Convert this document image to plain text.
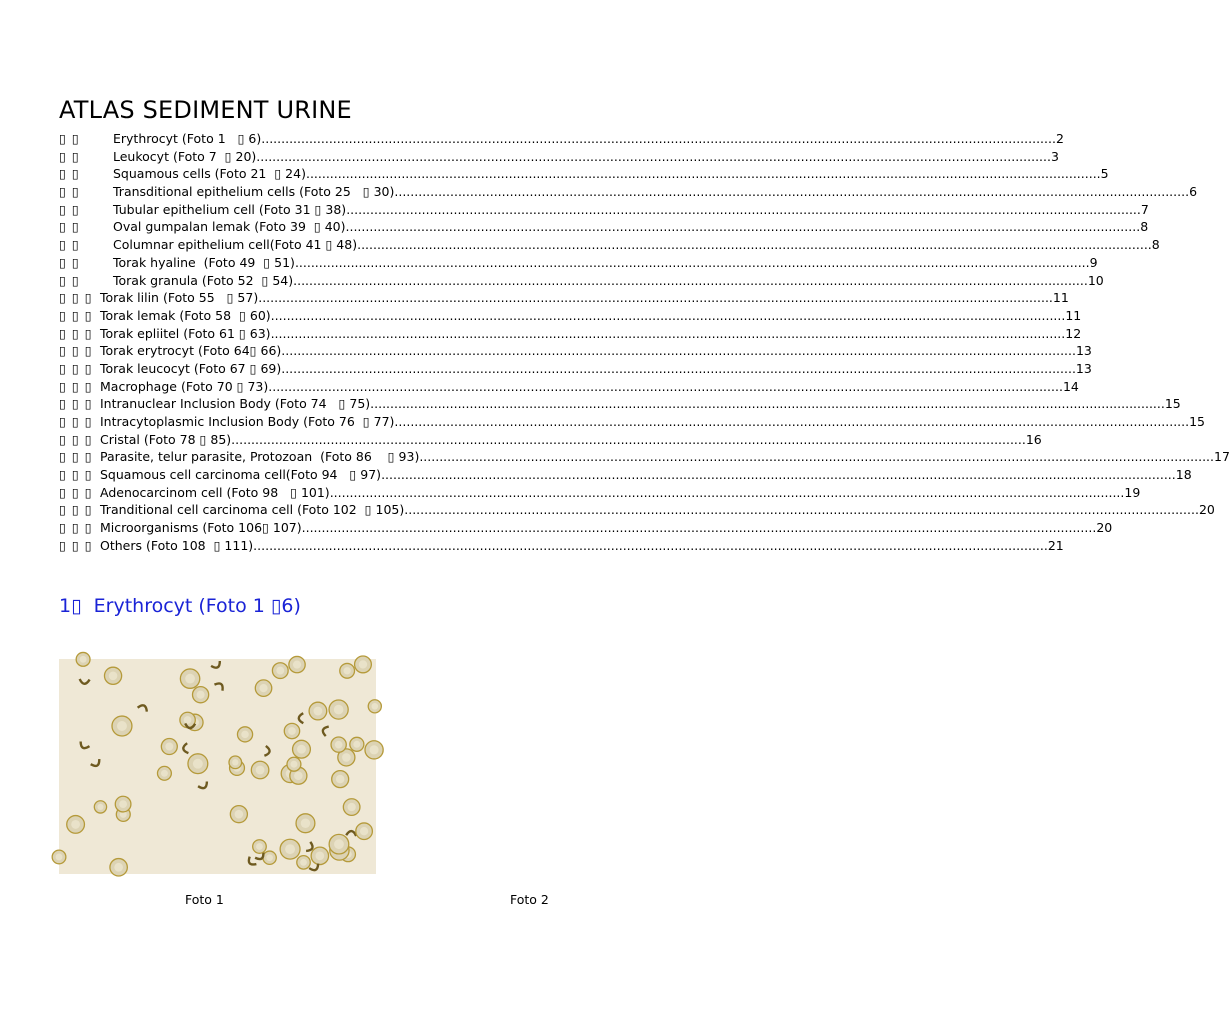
ATLAS SEDIMENT URINE
▯ ▯	Erythrocyt (Foto 1   ▯ 6) ........................................................................................................................................................................................................ 2
▯ ▯	Leukocyt (Foto 7  ▯ 20) ........................................................................................................................................................................................................ 3
▯ ▯	Squamous cells (Foto 21  ▯ 24) ........................................................................................................................................................................................................ 5
▯ ▯	Transditional epithelium cells (Foto 25   ▯ 30) ........................................................................................................................................................................................................ 6
▯ ▯	Tubular epithelium cell (Foto 31 ▯ 38) ........................................................................................................................................................................................................ 7
▯ ▯	Oval gumpalan lemak (Foto 39  ▯ 40) ........................................................................................................................................................................................................ 8
▯ ▯	Columnar epithelium cell(Foto 41 ▯ 48) ........................................................................................................................................................................................................ 8
▯ ▯	Torak hyaline  (Foto 49  ▯ 51) ........................................................................................................................................................................................................ 9
▯ ▯	Torak granula (Foto 52  ▯ 54) ........................................................................................................................................................................................................ 10
▯ ▯ ▯ Torak lilin (Foto 55   ▯ 57) ........................................................................................................................................................................................................ 11
▯ ▯ ▯ Torak lemak (Foto 58  ▯ 60) ........................................................................................................................................................................................................ 11
▯ ▯ ▯ Torak epliitel (Foto 61 ▯ 63) ........................................................................................................................................................................................................ 12
▯ ▯ ▯ Torak erytrocyt (Foto 64▯ 66) ........................................................................................................................................................................................................ 13
▯ ▯ ▯ Torak leucocyt (Foto 67 ▯ 69) ........................................................................................................................................................................................................ 13
▯ ▯ ▯ Macrophage (Foto 70 ▯ 73) ........................................................................................................................................................................................................ 14
▯ ▯ ▯ Intranuclear Inclusion Body (Foto 74   ▯ 75) ........................................................................................................................................................................................................ 15
▯ ▯ ▯ Intracytoplasmic Inclusion Body (Foto 76  ▯ 77) ........................................................................................................................................................................................................ 15
▯ ▯ ▯ Cristal (Foto 78 ▯ 85) ........................................................................................................................................................................................................ 16
▯ ▯ ▯ Parasite, telur parasite, Protozoan  (Foto 86    ▯ 93) ........................................................................................................................................................................................................ 17
▯ ▯ ▯ Squamous cell carcinoma cell(Foto 94   ▯ 97) ........................................................................................................................................................................................................ 18
▯ ▯ ▯ Adenocarcinom cell (Foto 98   ▯ 101) ........................................................................................................................................................................................................ 19
▯ ▯ ▯ Tranditional cell carcinoma cell (Foto 102  ▯ 105) ........................................................................................................................................................................................................ 20
▯ ▯ ▯ Microorganisms (Foto 106▯ 107) ........................................................................................................................................................................................................ 20
▯ ▯ ▯ Others (Foto 108  ▯ 111) ........................................................................................................................................................................................................ 21
1▯ Erythrocyt (Foto 1 ▯6)
Foto 1	Foto 2
